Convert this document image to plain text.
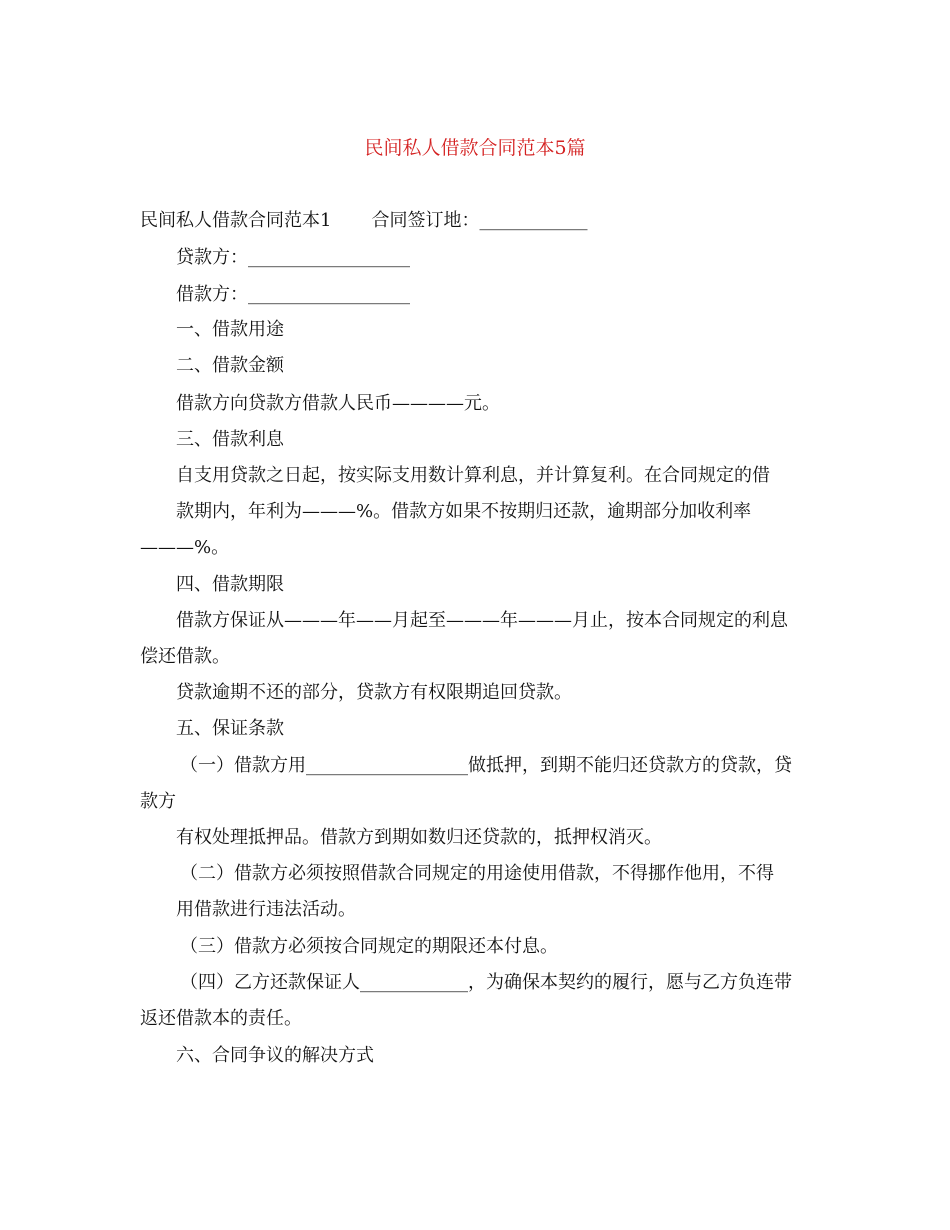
民间私人借款合同范本5篇
民间私人借款合同范本1 合同签订地：____________
贷款方：__________________
借款方：__________________
一、借款用途
二、借款金额
借款方向贷款方借款人民币————元。
三、借款利息
自支用贷款之日起，按实际支用数计算利息，并计算复利。在合同规定的借
款期内，年利为———%。借款方如果不按期归还款，逾期部分加收利率
———%。
四、借款期限
借款方保证从———年——月起至———年———月止，按本合同规定的利息
偿还借款。
贷款逾期不还的部分，贷款方有权限期追回贷款。
五、保证条款
（一）借款方用__________________做抵押，到期不能归还贷款方的贷款，贷
款方
有权处理抵押品。借款方到期如数归还贷款的，抵押权消灭。
（二）借款方必须按照借款合同规定的用途使用借款，不得挪作他用，不得
用借款进行违法活动。
（三）借款方必须按合同规定的期限还本付息。
（四）乙方还款保证人____________，为确保本契约的履行，愿与乙方负连带
返还借款本的责任。
六、合同争议的解决方式
